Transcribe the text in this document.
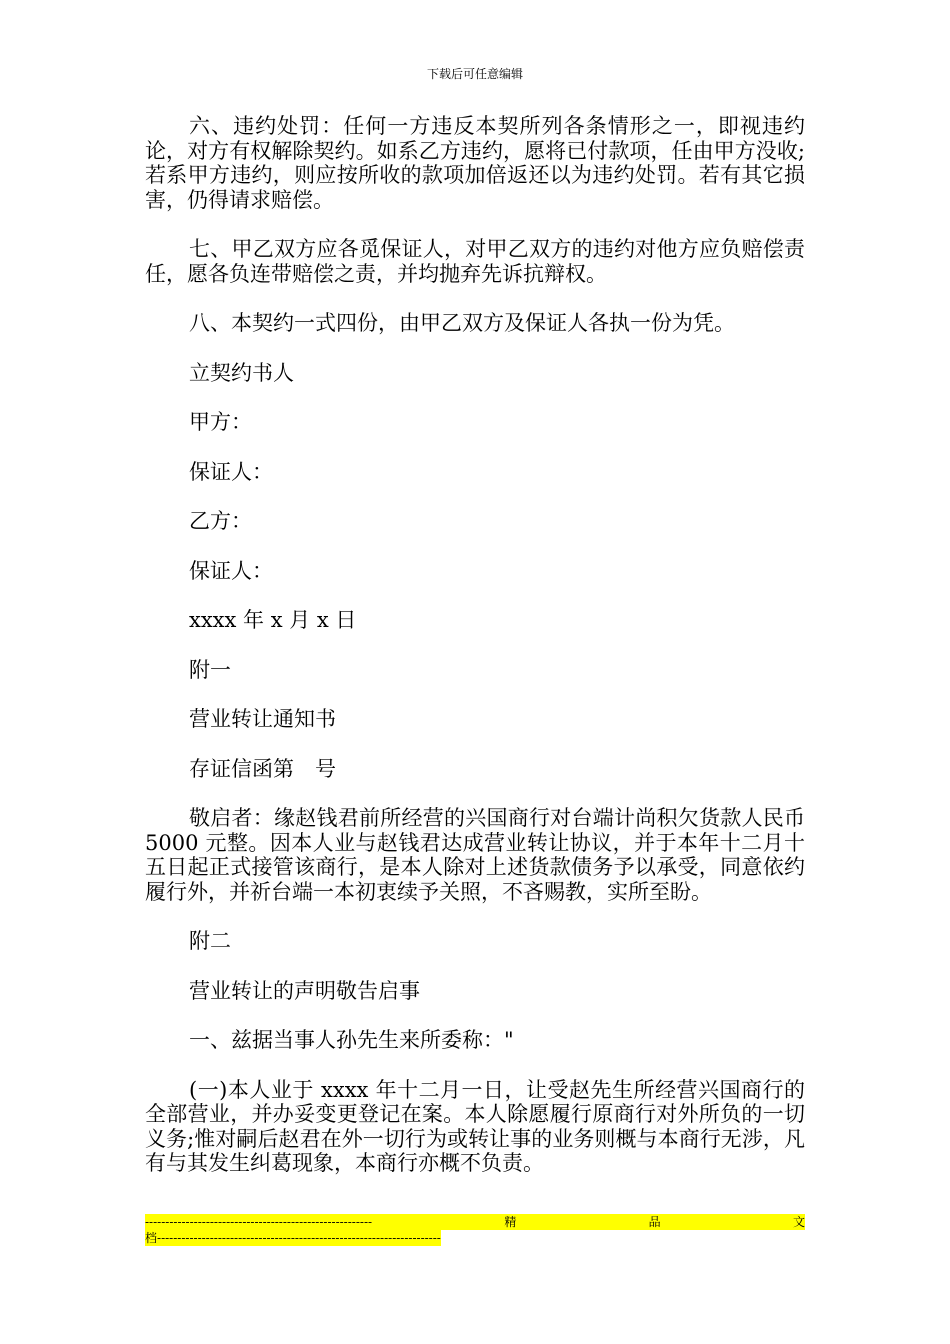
下载后可任意编辑

六、违约处罚：任何一方违反本契所列各条情形之一，即视违约论，对方有权解除契约。如系乙方违约，愿将已付款项，任由甲方没收;若系甲方违约，则应按所收的款项加倍返还以为违约处罚。若有其它损害，仍得请求赔偿。

七、甲乙双方应各觅保证人，对甲乙双方的违约对他方应负赔偿责任，愿各负连带赔偿之责，并均抛弃先诉抗辩权。

八、本契约一式四份，由甲乙双方及保证人各执一份为凭。

立契约书人

甲方：

保证人：

乙方：

保证人：

xxxx 年 x 月 x 日

附一

营业转让通知书

存证信函第　号

敬启者：缘赵钱君前所经营的兴国商行对台端计尚积欠货款人民币 5000 元整。因本人业与赵钱君达成营业转让协议，并于本年十二月十五日起正式接管该商行，是本人除对上述货款债务予以承受，同意依约履行外，并祈台端一本初衷续予关照，不吝赐教，实所至盼。

附二

营业转让的声明敬告启事

一、兹据当事人孙先生来所委称："

(一)本人业于 xxxx 年十二月一日，让受赵先生所经营兴国商行的全部营业，并办妥变更登记在案。本人除愿履行原商行对外所负的一切义务;惟对嗣后赵君在外一切行为或转让事的业务则概与本商行无涉，凡有与其发生纠葛现象，本商行亦概不负责。

--------------------------------------------------------	精	品	文
档----------------------------------------------------------------------
